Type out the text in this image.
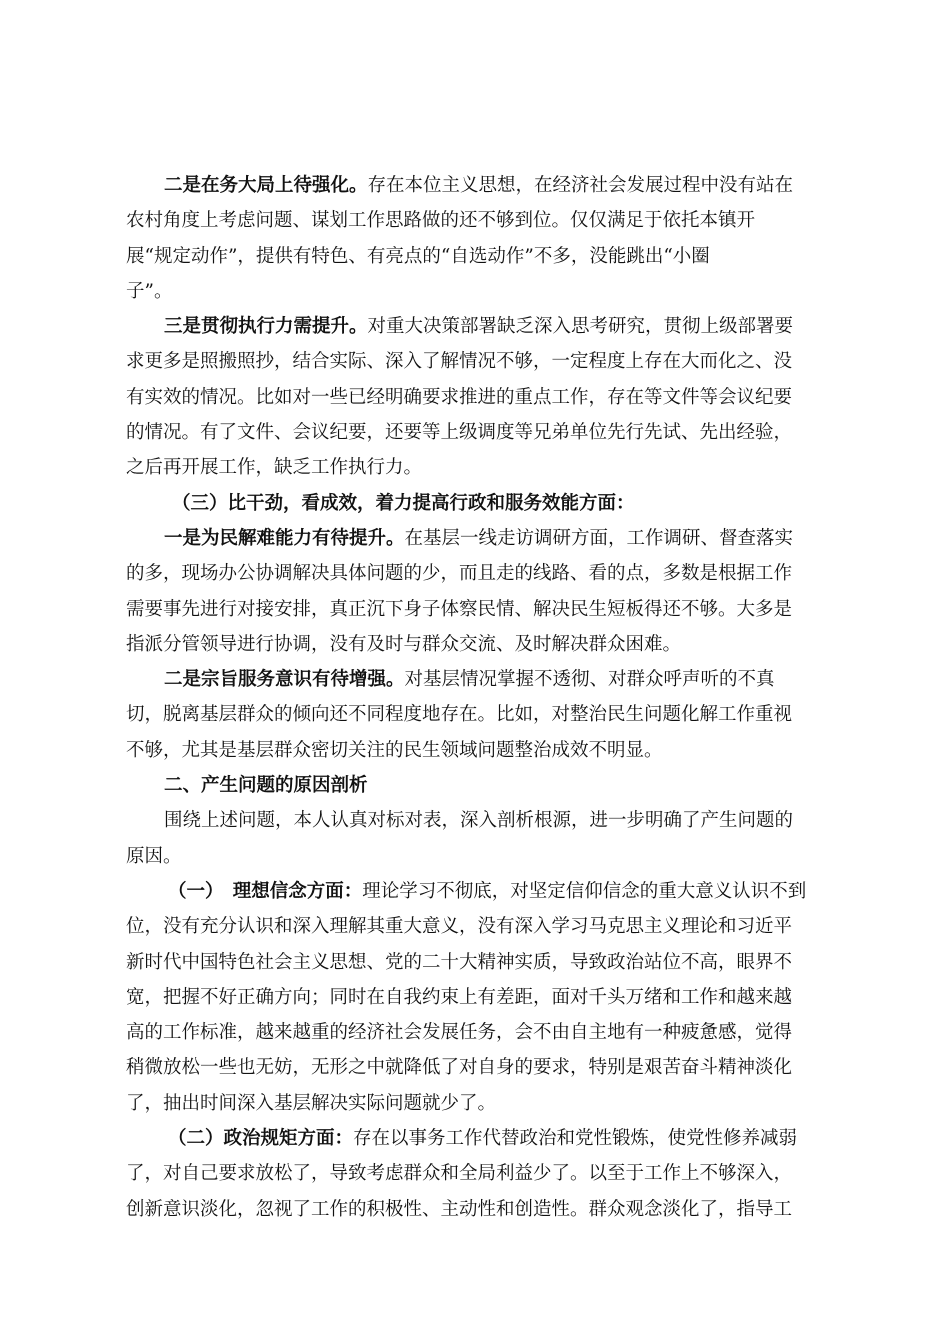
二是在务大局上待强化。存在本位主义思想，在经济社会发展过程中没有站在
农村角度上考虑问题、谋划工作思路做的还不够到位。仅仅满足于依托本镇开
展“规定动作”，提供有特色、有亮点的“自选动作”不多，没能跳出“小圈
子”。

三是贯彻执行力需提升。对重大决策部署缺乏深入思考研究，贯彻上级部署要
求更多是照搬照抄，结合实际、深入了解情况不够，一定程度上存在大而化之、没
有实效的情况。比如对一些已经明确要求推进的重点工作，存在等文件等会议纪要
的情况。有了文件、会议纪要，还要等上级调度等兄弟单位先行先试、先出经验，
之后再开展工作，缺乏工作执行力。

（三）比干劲，看成效，着力提高行政和服务效能方面：

一是为民解难能力有待提升。在基层一线走访调研方面，工作调研、督查落实
的多，现场办公协调解决具体问题的少，而且走的线路、看的点，多数是根据工作
需要事先进行对接安排，真正沉下身子体察民情、解决民生短板得还不够。大多是
指派分管领导进行协调，没有及时与群众交流、及时解决群众困难。

二是宗旨服务意识有待增强。对基层情况掌握不透彻、对群众呼声听的不真
切，脱离基层群众的倾向还不同程度地存在。比如，对整治民生问题化解工作重视
不够，尤其是基层群众密切关注的民生领域问题整治成效不明显。

二、产生问题的原因剖析

围绕上述问题，本人认真对标对表，深入剖析根源，进一步明确了产生问题的
原因。

（一）　理想信念方面：理论学习不彻底，对坚定信仰信念的重大意义认识不到
位，没有充分认识和深入理解其重大意义，没有深入学习马克思主义理论和习近平
新时代中国特色社会主义思想、党的二十大精神实质，导致政治站位不高，眼界不
宽，把握不好正确方向；同时在自我约束上有差距，面对千头万绪和工作和越来越
高的工作标准，越来越重的经济社会发展任务，会不由自主地有一种疲惫感，觉得
稍微放松一些也无妨，无形之中就降低了对自身的要求，特别是艰苦奋斗精神淡化
了，抽出时间深入基层解决实际问题就少了。

（二）政治规矩方面：存在以事务工作代替政治和党性锻炼，使党性修养减弱
了，对自己要求放松了，导致考虑群众和全局利益少了。以至于工作上不够深入，
创新意识淡化，忽视了工作的积极性、主动性和创造性。群众观念淡化了，指导工
